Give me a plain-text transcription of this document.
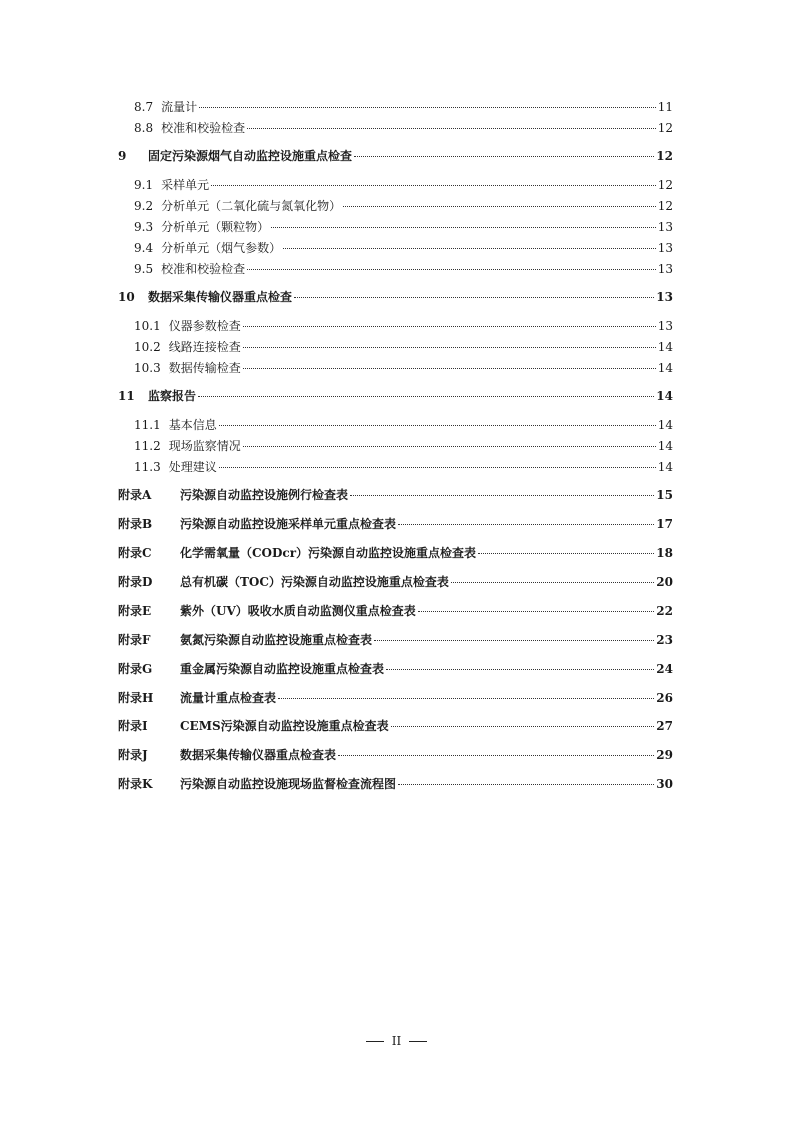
8.7 流量计	11
8.8 校准和校验检查	12
9	固定污染源烟气自动监控设施重点检查	12
9.1 采样单元	12
9.2 分析单元（二氧化硫与氮氧化物）	12
9.3 分析单元（颗粒物）	13
9.4 分析单元（烟气参数）	13
9.5 校准和校验检查	13
10	数据采集传输仪器重点检查	13
10.1 仪器参数检查	13
10.2 线路连接检查	14
10.3 数据传输检查	14
11	监察报告	14
11.1 基本信息	14
11.2 现场监察情况	14
11.3 处理建议	14
附录A	污染源自动监控设施例行检查表	15
附录B	污染源自动监控设施采样单元重点检查表	17
附录C	化学需氧量（CODcr）污染源自动监控设施重点检查表	18
附录D	总有机碳（TOC）污染源自动监控设施重点检查表	20
附录E	紫外（UV）吸收水质自动监测仪重点检查表	22
附录F	氨氮污染源自动监控设施重点检查表	23
附录G	重金属污染源自动监控设施重点检查表	24
附录H	流量计重点检查表	26
附录I	CEMS污染源自动监控设施重点检查表	27
附录J	数据采集传输仪器重点检查表	29
附录K	污染源自动监控设施现场监督检查流程图	30
II
